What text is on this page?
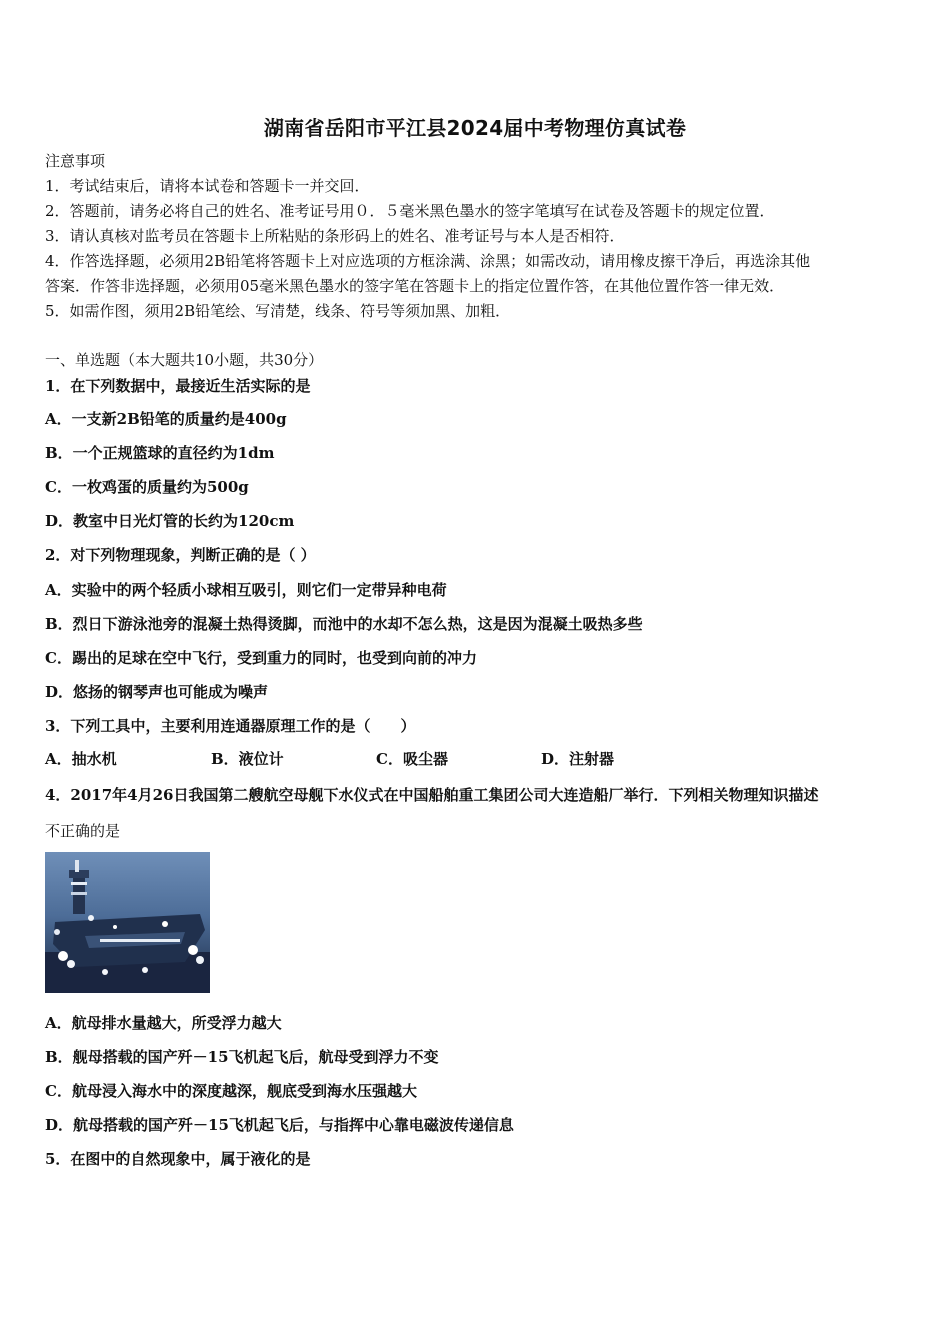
湖南省岳阳市平江县2024届中考物理仿真试卷
注意事项
1．考试结束后，请将本试卷和答题卡一并交回．
2．答题前，请务必将自己的姓名、准考证号用０．５毫米黑色墨水的签字笔填写在试卷及答题卡的规定位置．
3．请认真核对监考员在答题卡上所粘贴的条形码上的姓名、准考证号与本人是否相符．
4．作答选择题，必须用2B铅笔将答题卡上对应选项的方框涂满、涂黑；如需改动，请用橡皮擦干净后，再选涂其他
答案．作答非选择题，必须用05毫米黑色墨水的签字笔在答题卡上的指定位置作答，在其他位置作答一律无效．
5．如需作图，须用2B铅笔绘、写清楚，线条、符号等须加黑、加粗．
一、单选题（本大题共10小题，共30分）
1．在下列数据中，最接近生活实际的是
A．一支新2B铅笔的质量约是400g
B．一个正规篮球的直径约为1dm
C．一枚鸡蛋的质量约为500g
D．教室中日光灯管的长约为120cm
2．对下列物理现象，判断正确的是（ ）
A．实验中的两个轻质小球相互吸引，则它们一定带异种电荷
B．烈日下游泳池旁的混凝土热得烫脚，而池中的水却不怎么热，这是因为混凝土吸热多些
C．踢出的足球在空中飞行，受到重力的同时，也受到向前的冲力
D．悠扬的钢琴声也可能成为噪声
3．下列工具中，主要利用连通器原理工作的是（　　）
A．抽水机	B．液位计	C．吸尘器	D．注射器
4．2017年4月26日我国第二艘航空母舰下水仪式在中国船舶重工集团公司大连造船厂举行．下列相关物理知识描述
不正确的是
A．航母排水量越大，所受浮力越大
B．舰母搭载的国产歼－15飞机起飞后，航母受到浮力不变
C．航母浸入海水中的深度越深，舰底受到海水压强越大
D．航母搭载的国产歼－15飞机起飞后，与指挥中心靠电磁波传递信息
5．在图中的自然现象中，属于液化的是
